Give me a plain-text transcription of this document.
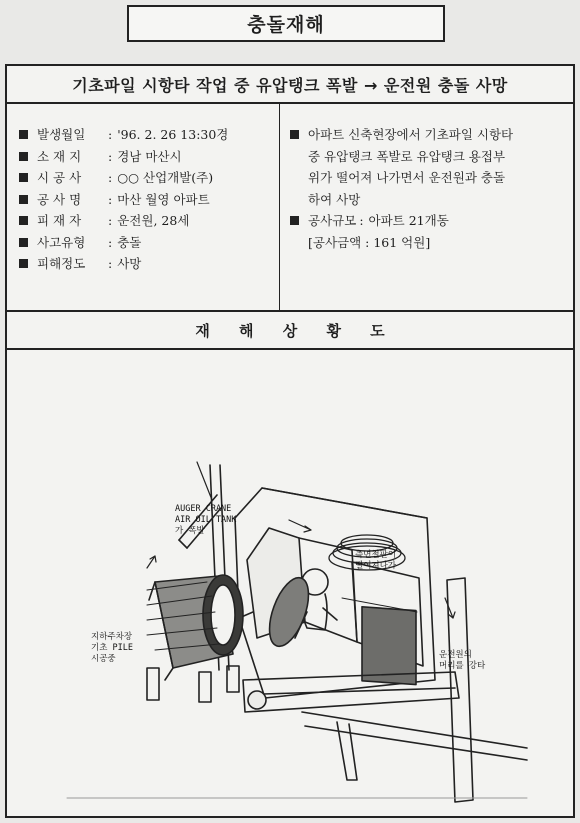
충돌재해
기초파일 시항타 작업 중 유압탱크 폭발 → 운전원 충돌 사망
발생월일	: '96. 2. 26 13:30경
소 재 지	: 경남 마산시
시 공 사	: ○○ 산업개발(주)
공 사 명	: 마산 월영 아파트
피 재 자	: 운전원, 28세
사고유형	: 충돌
피해정도	: 사망
아파트 신축현장에서 기초파일 시항타
중 유압탱크 폭발로 유압탱크 용접부
위가 떨어져 나가면서 운전원과 충돌
하여 사망
공사규모 : 아파트 21개동
[공사금액 : 161 억원]
재 해 상 황 도
AUGER CRANE
AIR OIL TANK
가 폭발
측면철판이
떨어져나가
지하주차장
기초 PILE
시공중	운전원의
머리를 강타
